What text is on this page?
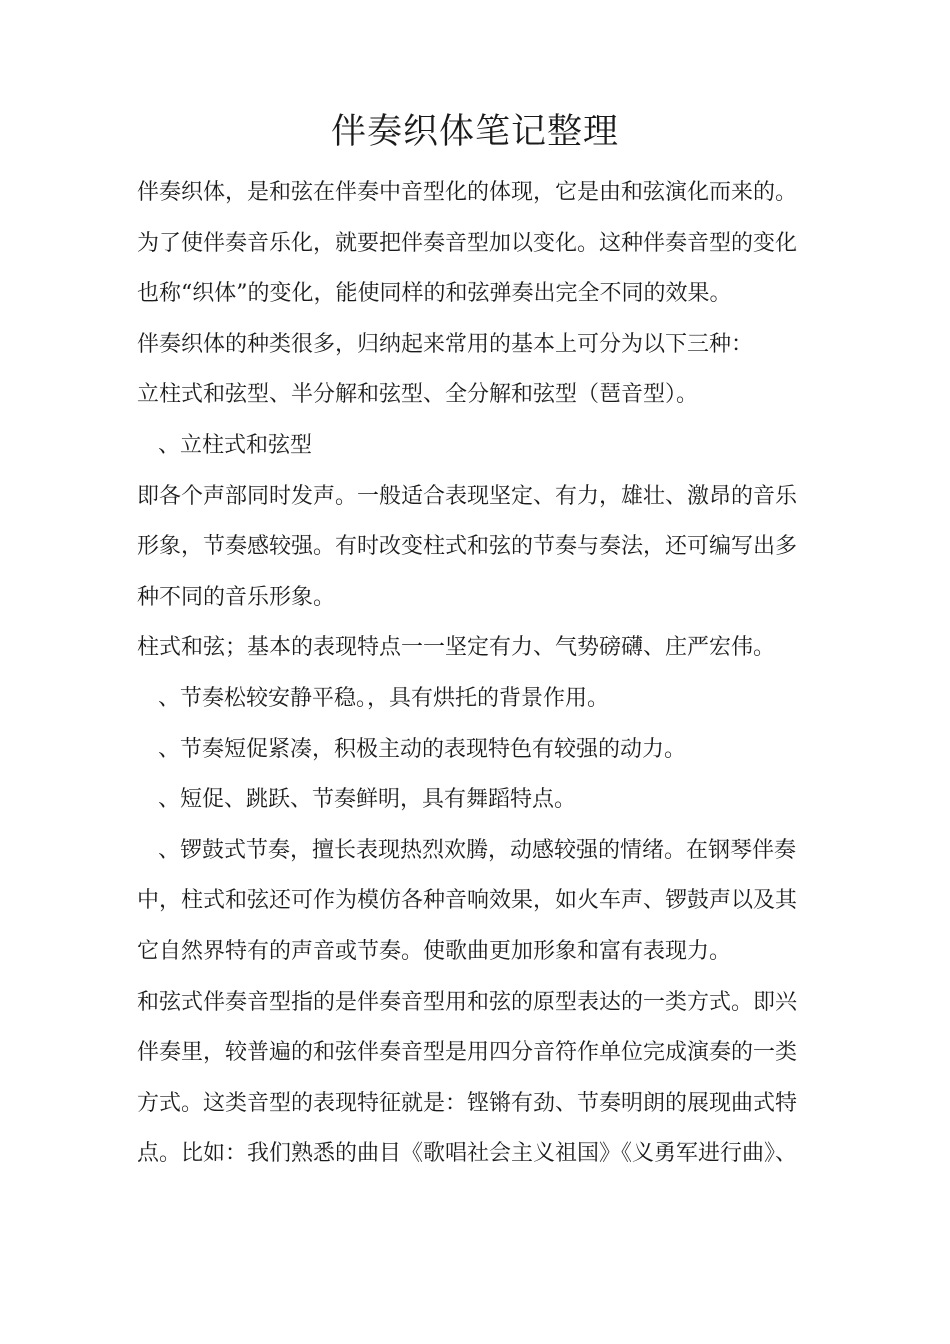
伴奏织体笔记整理
伴奏织体，是和弦在伴奏中音型化的体现，它是由和弦演化而来的。
为了使伴奏音乐化，就要把伴奏音型加以变化。这种伴奏音型的变化
也称“织体”的变化，能使同样的和弦弹奏出完全不同的效果。
伴奏织体的种类很多，归纳起来常用的基本上可分为以下三种：
立柱式和弦型、半分解和弦型、全分解和弦型（琶音型）。
、立柱式和弦型
即各个声部同时发声。一般适合表现坚定、有力，雄壮、激昂的音乐
形象，节奏感较强。有时改变柱式和弦的节奏与奏法，还可编写出多
种不同的音乐形象。
柱式和弦；基本的表现特点一一坚定有力、气势磅礴、庄严宏伟。
、节奏松较安静平稳。，具有烘托的背景作用。
、节奏短促紧凑，积极主动的表现特色有较强的动力。
、短促、跳跃、节奏鲜明，具有舞蹈特点。
、锣鼓式节奏，擅长表现热烈欢腾，动感较强的情绪。在钢琴伴奏
中，柱式和弦还可作为模仿各种音响效果，如火车声、锣鼓声以及其
它自然界特有的声音或节奏。使歌曲更加形象和富有表现力。
和弦式伴奏音型指的是伴奏音型用和弦的原型表达的一类方式。即兴
伴奏里，较普遍的和弦伴奏音型是用四分音符作单位完成演奏的一类
方式。这类音型的表现特征就是：铿锵有劲、节奏明朗的展现曲式特
点。比如：我们熟悉的曲目《歌唱社会主义祖国》《义勇军进行曲》、
